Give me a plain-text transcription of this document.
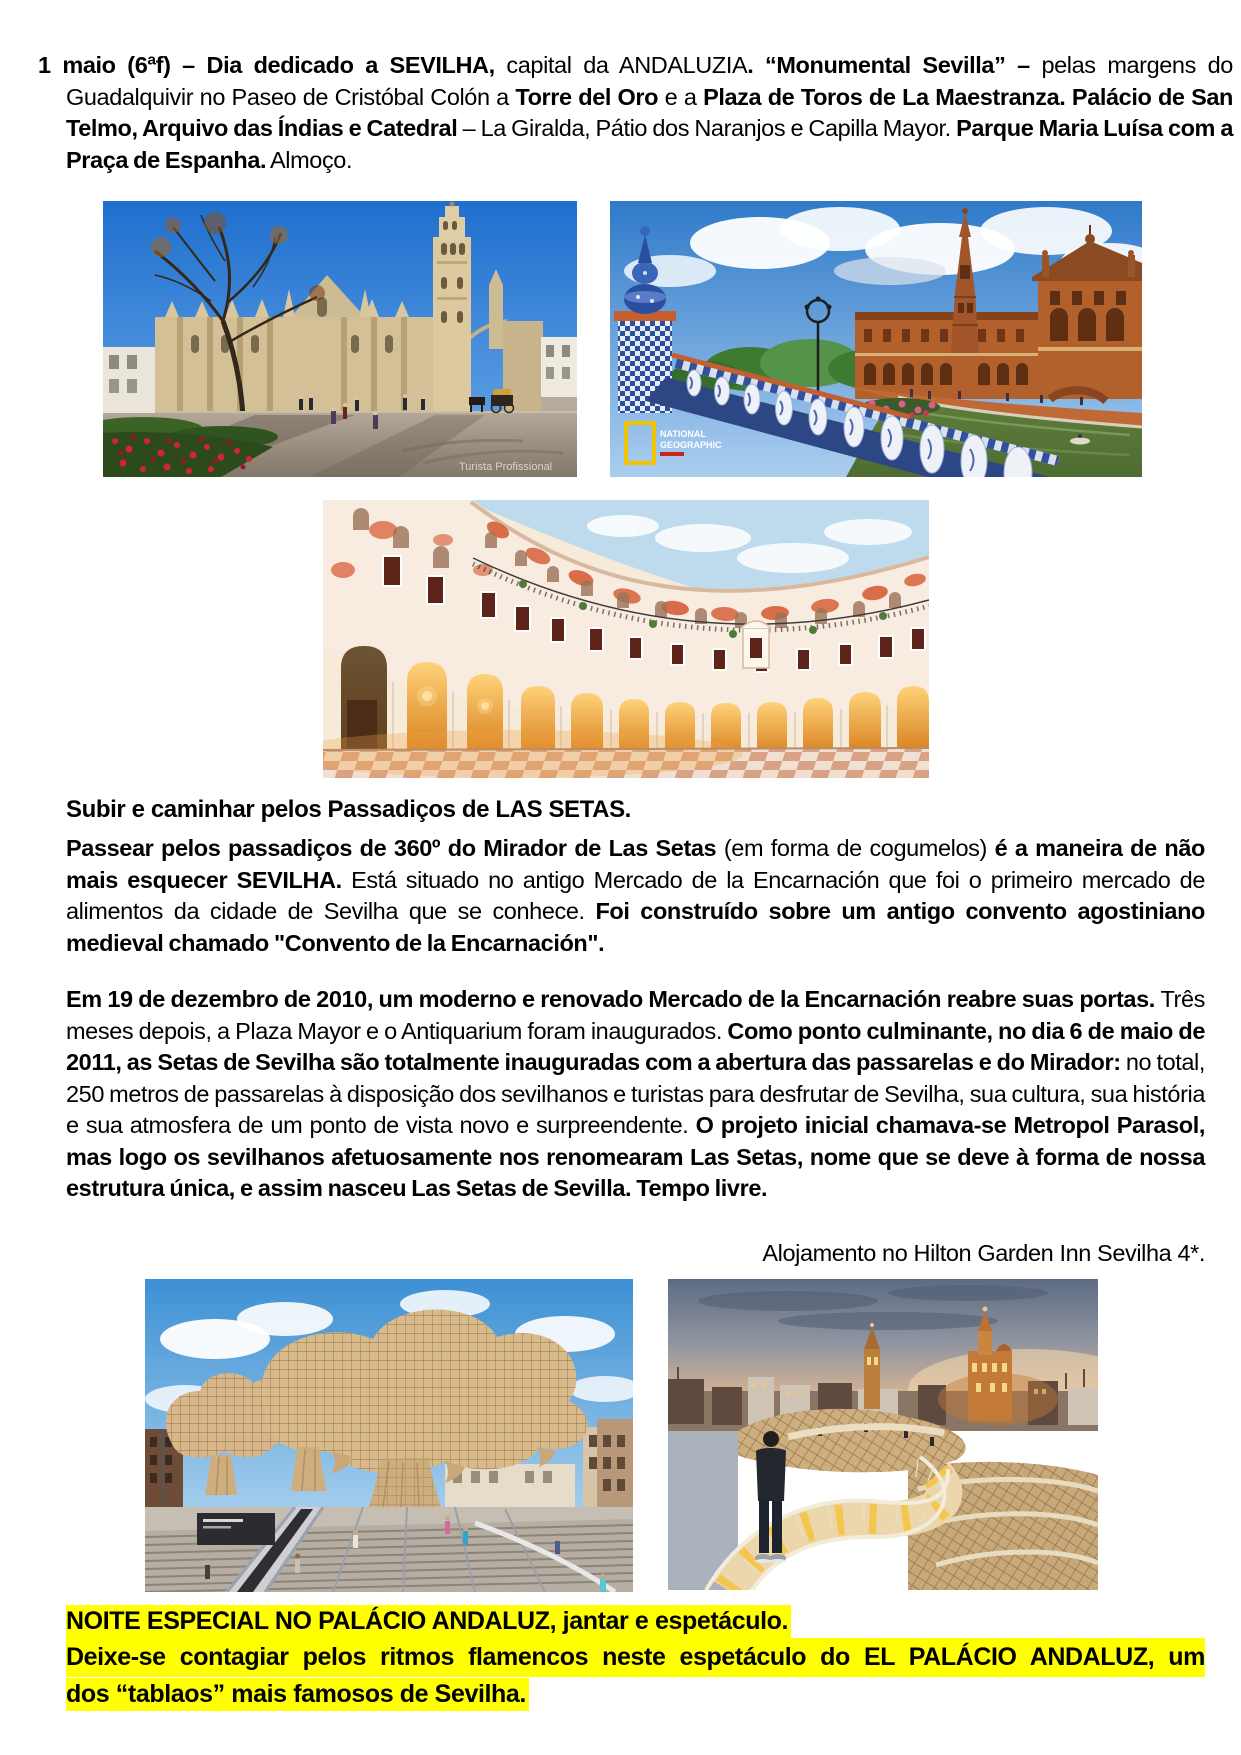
1 maio (6ªf) – Dia dedicado a SEVILHA, capital da ANDALUZIA. “Monumental Sevilla” – pelas margens do Guadalquivir no Paseo de Cristóbal Colón a Torre del Oro e a Plaza de Toros de La Maestranza. Palácio de San Telmo, Arquivo das Índias e Catedral – La Giralda, Pátio dos Naranjos e Capilla Mayor. Parque Maria Luísa com a Praça de Espanha. Almoço.
Turista Profissional
NATIONAL
GEOGRAPHIC
Subir e caminhar pelos Passadiços de LAS SETAS.
Passear pelos passadiços de 360º do Mirador de Las Setas (em forma de cogumelos) é a maneira de não mais esquecer SEVILHA. Está situado no antigo Mercado de la Encarnación que foi o primeiro mercado de alimentos da cidade de Sevilha que se conhece. Foi construído sobre um antigo convento agostiniano medieval chamado "Convento de la Encarnación".
Em 19 de dezembro de 2010, um moderno e renovado Mercado de la Encarnación reabre suas portas. Três meses depois, a Plaza Mayor e o Antiquarium foram inaugurados. Como ponto culminante, no dia 6 de maio de 2011, as Setas de Sevilha são totalmente inauguradas com a abertura das passarelas e do Mirador: no total, 250 metros de passarelas à disposição dos sevilhanos e turistas para desfrutar de Sevilha, sua cultura, sua história e sua atmosfera de um ponto de vista novo e surpreendente. O projeto inicial chamava-se Metropol Parasol, mas logo os sevilhanos afetuosamente nos renomearam Las Setas, nome que se deve à forma de nossa estrutura única, e assim nasceu Las Setas de Sevilla. Tempo livre.
Alojamento no Hilton Garden Inn Sevilha 4*.
NOITE ESPECIAL NO PALÁCIO ANDALUZ, jantar e espetáculo.
Deixe-se contagiar pelos ritmos flamencos neste espetáculo do EL PALÁCIO ANDALUZ, um
dos “tablaos” mais famosos de Sevilha.
